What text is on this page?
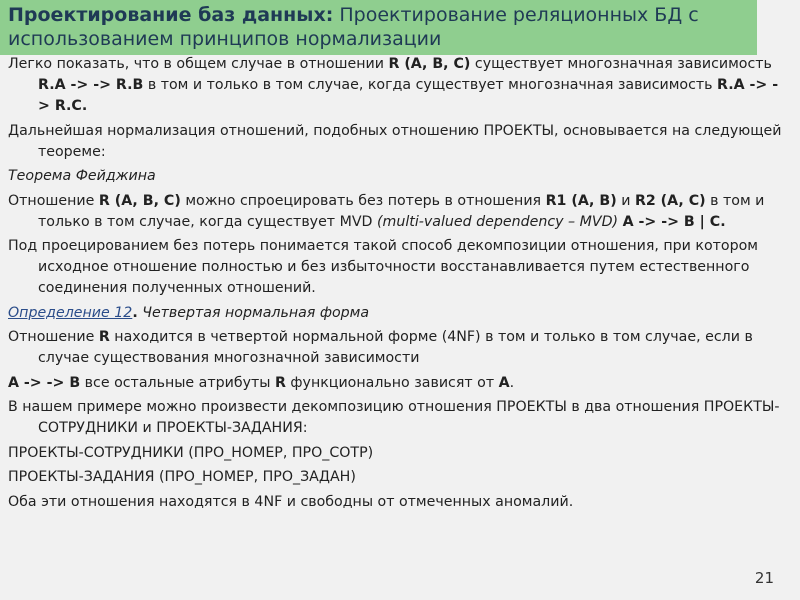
Проектирование баз данных: Проектирование реляционных БД с использованием принципов нормализации

Легко показать, что в общем случае в отношении R (A, B, C) существует многозначная зависимость R.A -> -> R.B в том и только в том случае, когда существует многозначная зависимость R.A -> -> R.C.

Дальнейшая нормализация отношений, подобных отношению ПРОЕКТЫ, основывается на следующей теореме:

Теорема Фейджина

Отношение R (A, B, C) можно спроецировать без потерь в отношения R1 (A, B) и R2 (A, C) в том и только в том случае, когда существует MVD (multi-valued dependency – MVD) A -> -> B | C.

Под проецированием без потерь понимается такой способ декомпозиции отношения, при котором исходное отношение полностью и без избыточности восстанавливается путем естественного соединения полученных отношений.

Определение 12. Четвертая нормальная форма

Отношение R находится в четвертой нормальной форме (4NF) в том и только в том случае, если в случае существования многозначной зависимости

A -> -> B все остальные атрибуты R функционально зависят от A.

В нашем примере можно произвести декомпозицию отношения ПРОЕКТЫ в два отношения ПРОЕКТЫ-СОТРУДНИКИ и ПРОЕКТЫ-ЗАДАНИЯ:

ПРОЕКТЫ-СОТРУДНИКИ (ПРО_НОМЕР, ПРО_СОТР)

ПРОЕКТЫ-ЗАДАНИЯ (ПРО_НОМЕР, ПРО_ЗАДАН)

Оба эти отношения находятся в 4NF и свободны от отмеченных аномалий.

21
